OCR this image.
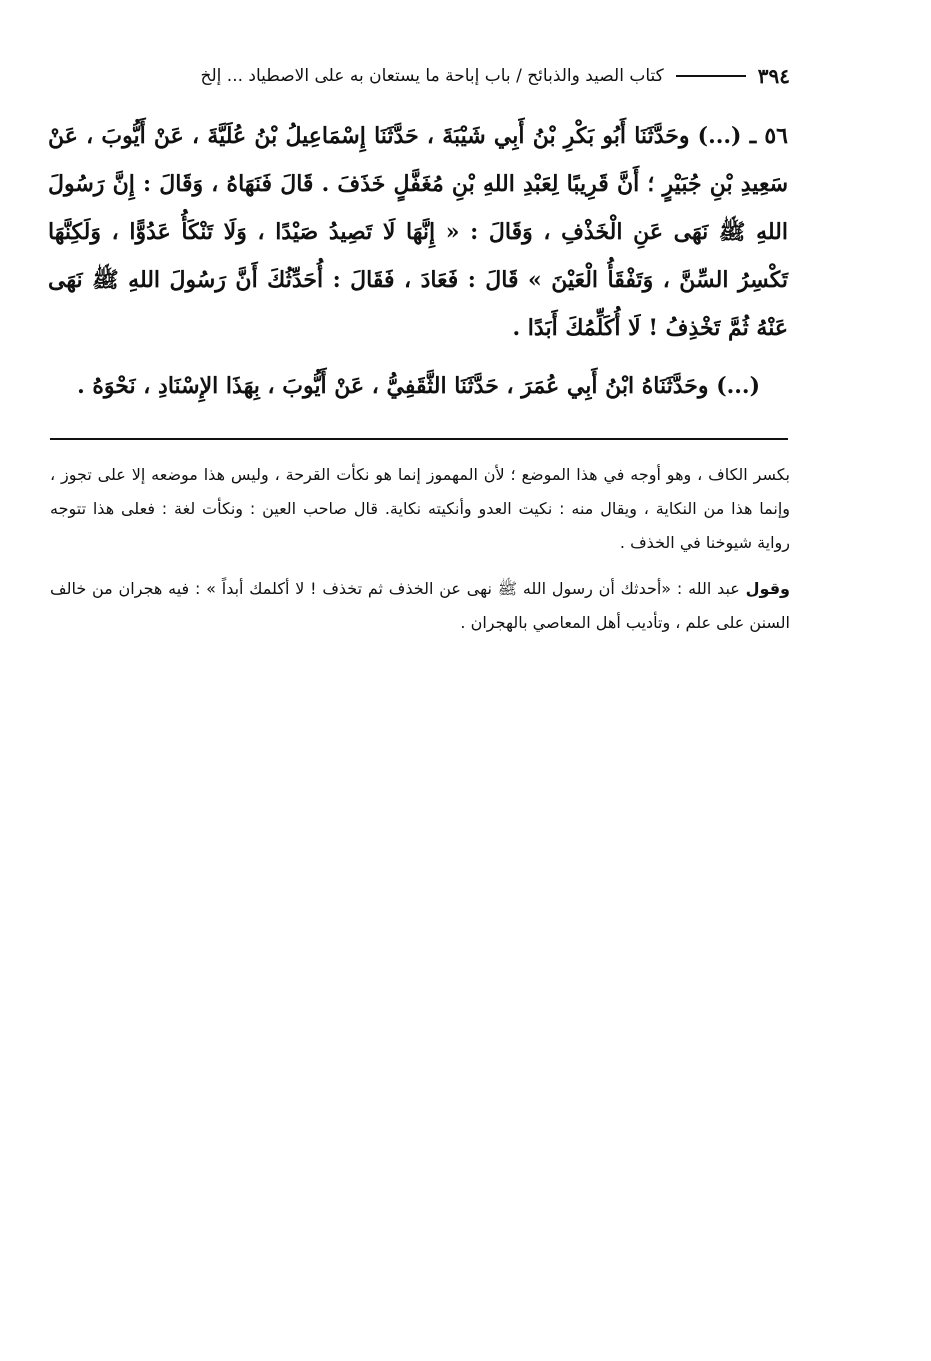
٣٩٤
كتاب الصيد والذبائح / باب إباحة ما يستعان به على الاصطياد ... إلخ
٥٦ ـ (...) وحَدَّثَنَا أَبُو بَكْرِ بْنُ أَبِي شَيْبَةَ ، حَدَّثَنَا إِسْمَاعِيلُ بْنُ عُلَيَّةَ ، عَنْ أَيُّوبَ ، عَنْ سَعِيدِ بْنِ جُبَيْرٍ ؛ أَنَّ قَرِيبًا لِعَبْدِ اللهِ بْنِ مُغَفَّلٍ خَذَفَ . قَالَ فَنَهَاهُ ، وَقَالَ : إِنَّ رَسُولَ اللهِ ﷺ نَهَى عَنِ الْخَذْفِ ، وَقَالَ : « إِنَّهَا لَا تَصِيدُ صَيْدًا ، وَلَا تَنْكَأُ عَدُوًّا ، وَلَكِنَّهَا تَكْسِرُ السِّنَّ ، وَتَفْقَأُ الْعَيْنَ » قَالَ : فَعَادَ ، فَقَالَ : أُحَدِّثُكَ أَنَّ رَسُولَ اللهِ ﷺ نَهَى عَنْهُ ثُمَّ تَخْذِفُ ! لَا أُكَلِّمُكَ أَبَدًا .
(...) وحَدَّثَنَاهُ ابْنُ أَبِي عُمَرَ ، حَدَّثَنَا الثَّقَفِيُّ ، عَنْ أَيُّوبَ ، بِهَذَا الإِسْنَادِ ، نَحْوَهُ .

بكسر الكاف ، وهو أوجه في هذا الموضع ؛ لأن المهموز إنما هو نكأت القرحة ، وليس هذا موضعه إلا على تجوز ، وإنما هذا من النكاية ، ويقال منه : نكيت العدو وأنكيته نكاية. قال صاحب العين : ونكأت لغة : فعلى هذا تتوجه رواية شيوخنا في الخذف .

وقول عبد الله : «أحدثك أن رسول الله ﷺ نهى عن الخذف ثم تخذف ! لا أكلمك أبداً » : فيه هجران من خالف السنن على علم ، وتأديب أهل المعاصي بالهجران .
